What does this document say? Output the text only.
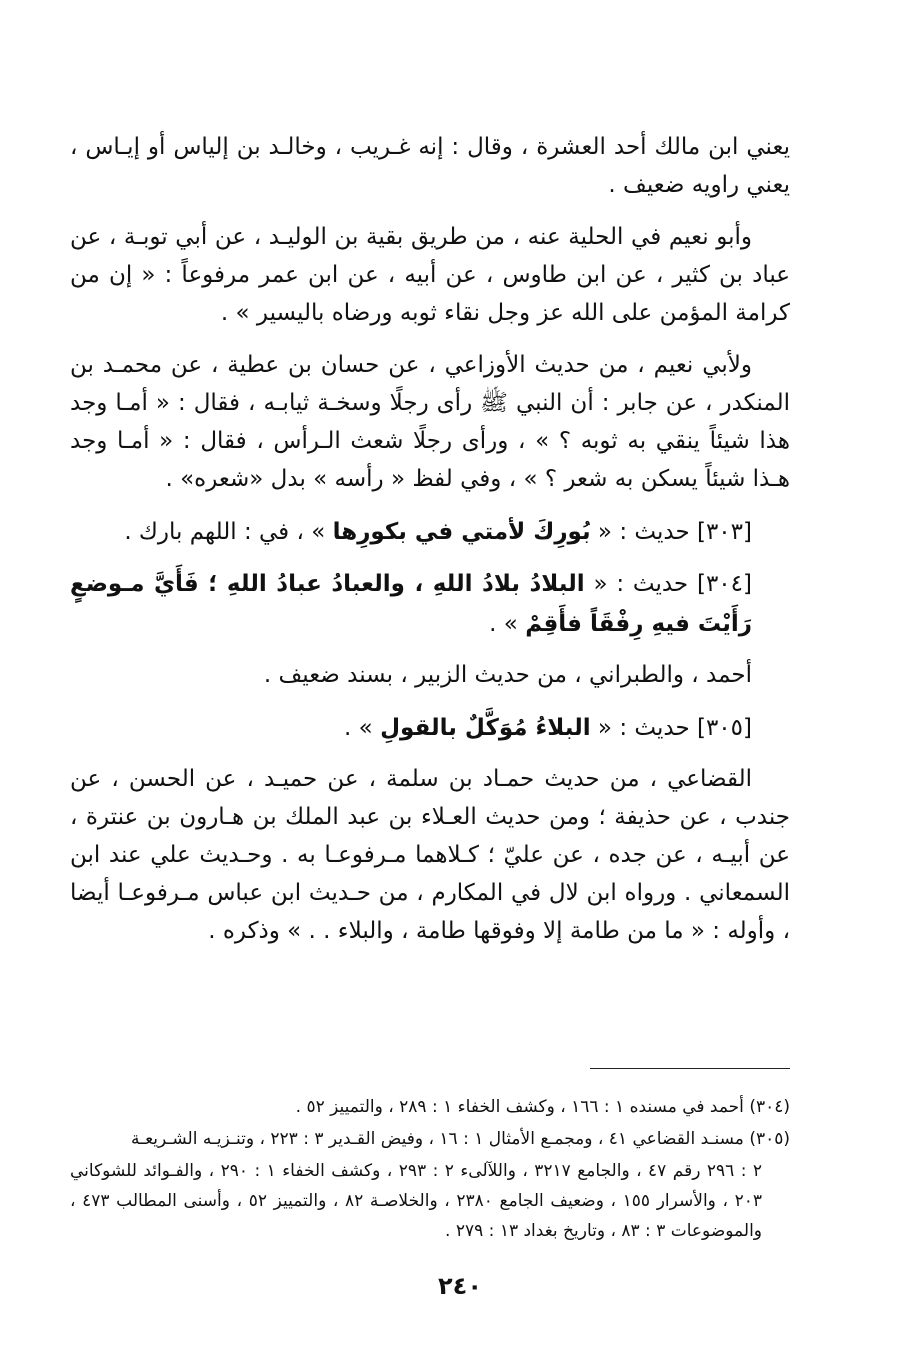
يعني ابن مالك أحد العشرة ، وقال : إنه غـريب ، وخالـد بن إلياس أو إيـاس ، يعني راويه ضعيف .

وأبو نعيم في الحلية عنه ، من طريق بقية بن الوليـد ، عن أبي توبـة ، عن عباد بن كثير ، عن ابن طاوس ، عن أبيه ، عن ابن عمر مرفوعاً : « إن من كرامة المؤمن على الله عز وجل نقاء ثوبه ورضاه باليسير » .

ولأبي نعيم ، من حديث الأوزاعي ، عن حسان بن عطية ، عن محمـد بن المنكدر ، عن جابر : أن النبي ﷺ رأى رجلًا وسخـة ثيابـه ، فقال : « أمـا وجد هذا شيئاً ينقي به ثوبه ؟ » ، ورأى رجلًا شعث الـرأس ، فقال : « أمـا وجد هـذا شيئاً يسكن به شعر ؟ » ، وفي لفظ « رأسه » بدل «شعره» .

[٣٠٣] حديث : « بُورِكَ لأمتي في بكورِها » ، في : اللهم بارك .

[٣٠٤] حديث : « البلادُ بلادُ اللهِ ، والعبادُ عبادُ اللهِ ؛ فَأَيَّ مـوضعٍ رَأَيْتَ فيهِ رِفْقَاً فأَقِمْ » .

أحمد ، والطبراني ، من حديث الزبير ، بسند ضعيف .

[٣٠٥] حديث : « البلاءُ مُوَكَّلٌ بالقولِ » .

القضاعي ، من حديث حمـاد بن سلمة ، عن حميـد ، عن الحسن ، عن جندب ، عن حذيفة ؛ ومن حديث العـلاء بن عبد الملك بن هـارون بن عنترة ، عن أبيـه ، عن جده ، عن عليّ ؛ كـلاهما مـرفوعـا به . وحـديث علي عند ابن السمعاني . ورواه ابن لال في المكارم ، من حـديث ابن عباس مـرفوعـا أيضا ، وأوله : « ما من طامة إلا وفوقها طامة ، والبلاء . . » وذكره .

(٣٠٤) أحمد في مسنده ١ : ١٦٦ ، وكشف الخفاء ١ : ٢٨٩ ، والتمييز ٥٢ .

(٣٠٥) مسنـد القضاعي ٤١ ، ومجمـع الأمثال ١ : ١٦ ، وفيض القـدير ٣ : ٢٢٣ ، وتنـزيـه الشـريعـة

٢ : ٢٩٦ رقم ٤٧ ، والجامع ٣٢١٧ ، واللآلىء ٢ : ٢٩٣ ، وكشف الخفاء ١ : ٢٩٠ ، والفـوائد للشوكاني ٢٠٣ ، والأسرار ١٥٥ ، وضعيف الجامع ٢٣٨٠ ، والخلاصـة ٨٢ ، والتمييز ٥٢ ، وأسنى المطالب ٤٧٣ ، والموضوعات ٣ : ٨٣ ، وتاريخ بغداد ١٣ : ٢٧٩ .

٢٤٠
